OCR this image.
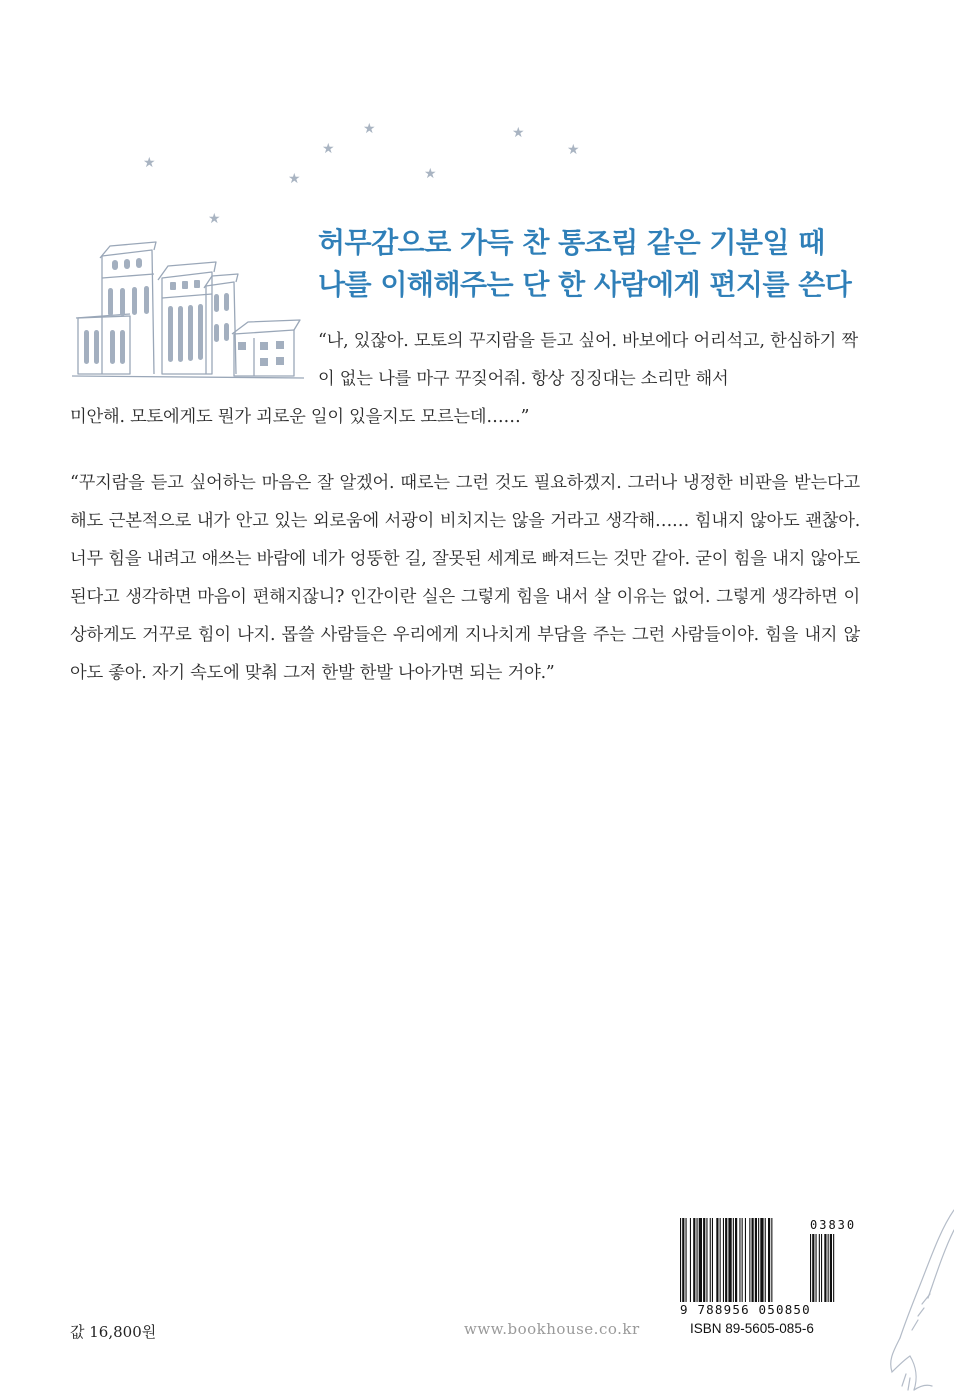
★
★
★
★
★
★
★
★
허무감으로 가득 찬 통조림 같은 기분일 때
나를 이해해주는 단 한 사람에게 편지를 쓴다

“나, 있잖아. 모토의 꾸지람을 듣고 싶어. 바보에다 어리석고, 한심하기 짝이 없는 나를 마구 꾸짖어줘. 항상 징징대는 소리만 해서

미안해. 모토에게도 뭔가 괴로운 일이 있을지도 모르는데……”

“꾸지람을 듣고 싶어하는 마음은 잘 알겠어. 때로는 그런 것도 필요하겠지. 그러나 냉정한 비판을 받는다고 해도 근본적으로 내가 안고 있는 외로움에 서광이 비치지는 않을 거라고 생각해…… 힘내지 않아도 괜찮아. 너무 힘을 내려고 애쓰는 바람에 네가 엉뚱한 길, 잘못된 세계로 빠져드는 것만 같아. 굳이 힘을 내지 않아도 된다고 생각하면 마음이 편해지잖니? 인간이란 실은 그렇게 힘을 내서 살 이유는 없어. 그렇게 생각하면 이상하게도 거꾸로 힘이 나지. 몹쓸 사람들은 우리에게 지나치게 부담을 주는 그런 사람들이야. 힘을 내지 않아도 좋아. 자기 속도에 맞춰 그저 한발 한발 나아가면 되는 거야.”

값 16,800원	www.bookhouse.co.kr
03830
9 788956 050850
ISBN 89-5605-085-6
